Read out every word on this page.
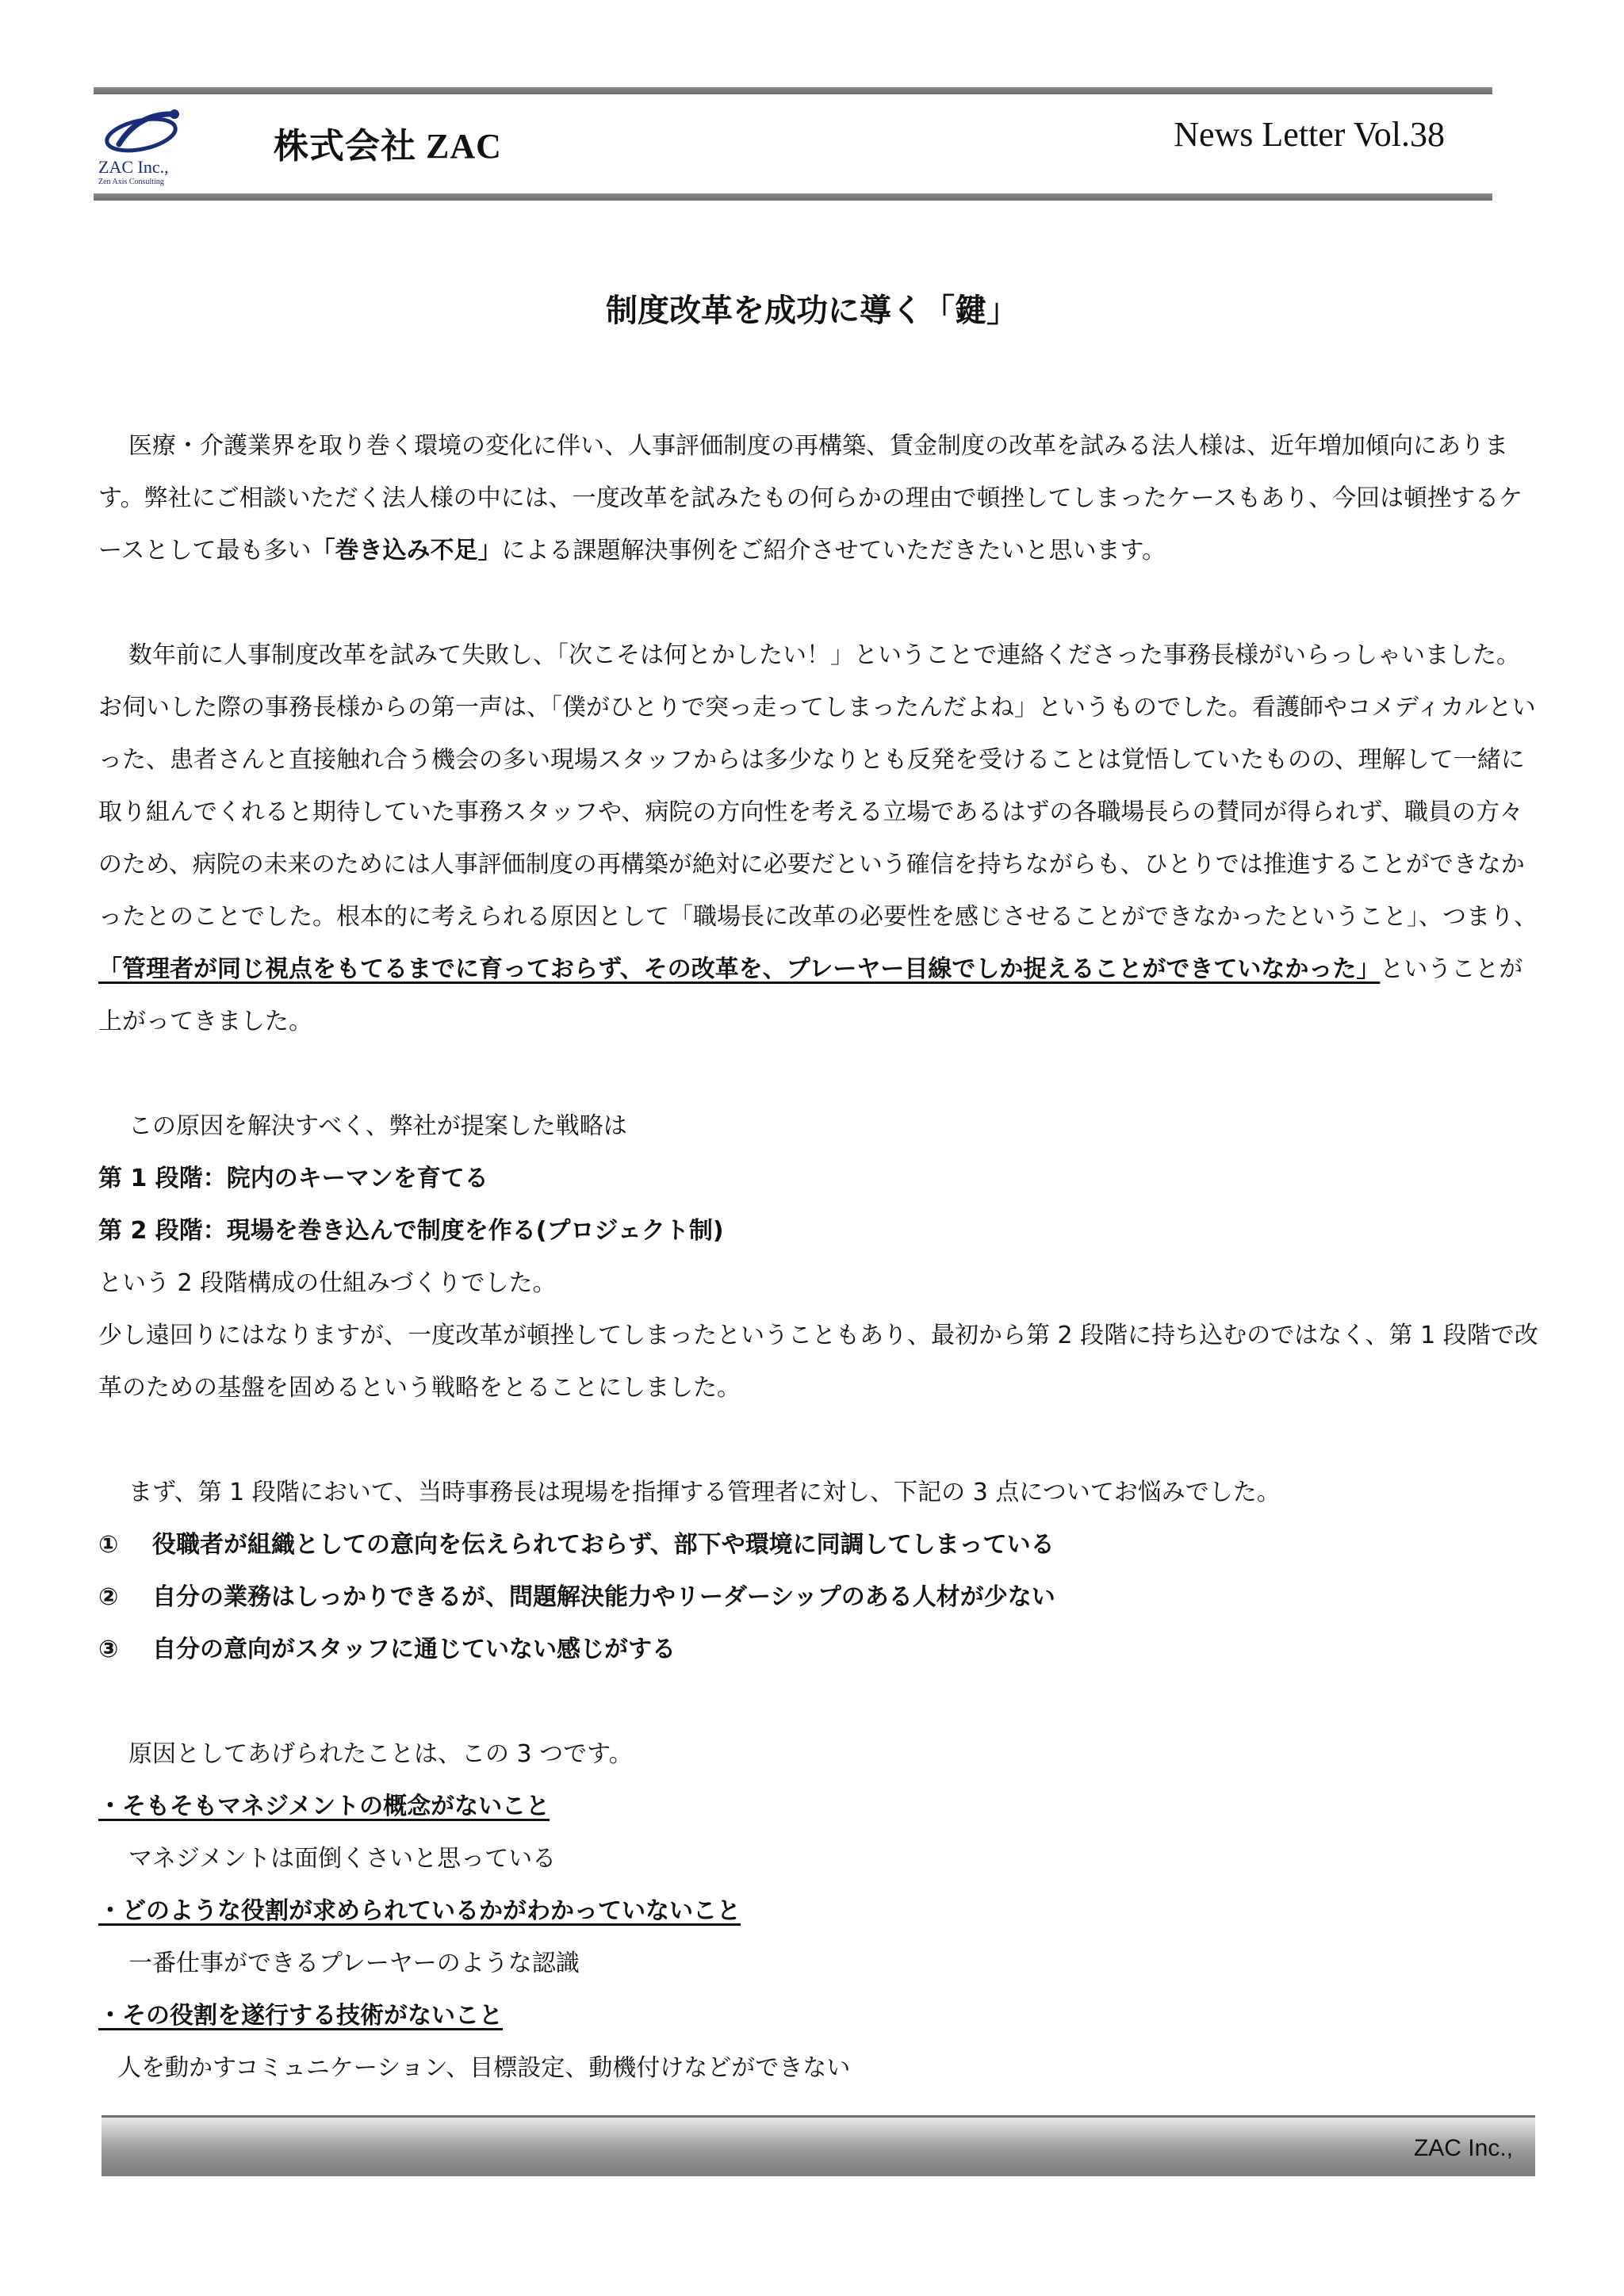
ZAC Inc.,
Zen Axis Consulting
株式会社 ZAC	News Letter Vol.38
制度改革を成功に導く「鍵」

医療・介護業界を取り巻く環境の変化に伴い、人事評価制度の再構築、賃金制度の改革を試みる法人様は、近年増加傾向にあります。弊社にご相談いただく法人様の中には、一度改革を試みたもの何らかの理由で頓挫してしまったケースもあり、今回は頓挫するケースとして最も多い「巻き込み不足」による課題解決事例をご紹介させていただきたいと思います。

数年前に人事制度改革を試みて失敗し、「次こそは何とかしたい！」ということで連絡くださった事務長様がいらっしゃいました。お伺いした際の事務長様からの第一声は、「僕がひとりで突っ走ってしまったんだよね」というものでした。看護師やコメディカルといった、患者さんと直接触れ合う機会の多い現場スタッフからは多少なりとも反発を受けることは覚悟していたものの、理解して一緒に取り組んでくれると期待していた事務スタッフや、病院の方向性を考える立場であるはずの各職場長らの賛同が得られず、職員の方々のため、病院の未来のためには人事評価制度の再構築が絶対に必要だという確信を持ちながらも、ひとりでは推進することができなかったとのことでした。根本的に考えられる原因として「職場長に改革の必要性を感じさせることができなかったということ」、つまり、「管理者が同じ視点をもてるまでに育っておらず、その改革を、プレーヤー目線でしか捉えることができていなかった」ということが上がってきました。

この原因を解決すべく、弊社が提案した戦略は

第 1 段階：院内のキーマンを育てる

第 2 段階：現場を巻き込んで制度を作る(プロジェクト制)

という 2 段階構成の仕組みづくりでした。

少し遠回りにはなりますが、一度改革が頓挫してしまったということもあり、最初から第 2 段階に持ち込むのではなく、第 1 段階で改革のための基盤を固めるという戦略をとることにしました。

まず、第 1 段階において、当時事務長は現場を指揮する管理者に対し、下記の 3 点についてお悩みでした。

① 役職者が組織としての意向を伝えられておらず、部下や環境に同調してしまっている

② 自分の業務はしっかりできるが、問題解決能力やリーダーシップのある人材が少ない

③ 自分の意向がスタッフに通じていない感じがする

原因としてあげられたことは、この 3 つです。

・そもそもマネジメントの概念がないこと

マネジメントは面倒くさいと思っている

・どのような役割が求められているかがわかっていないこと

一番仕事ができるプレーヤーのような認識

・その役割を遂行する技術がないこと

人を動かすコミュニケーション、目標設定、動機付けなどができない

ZAC Inc.,
